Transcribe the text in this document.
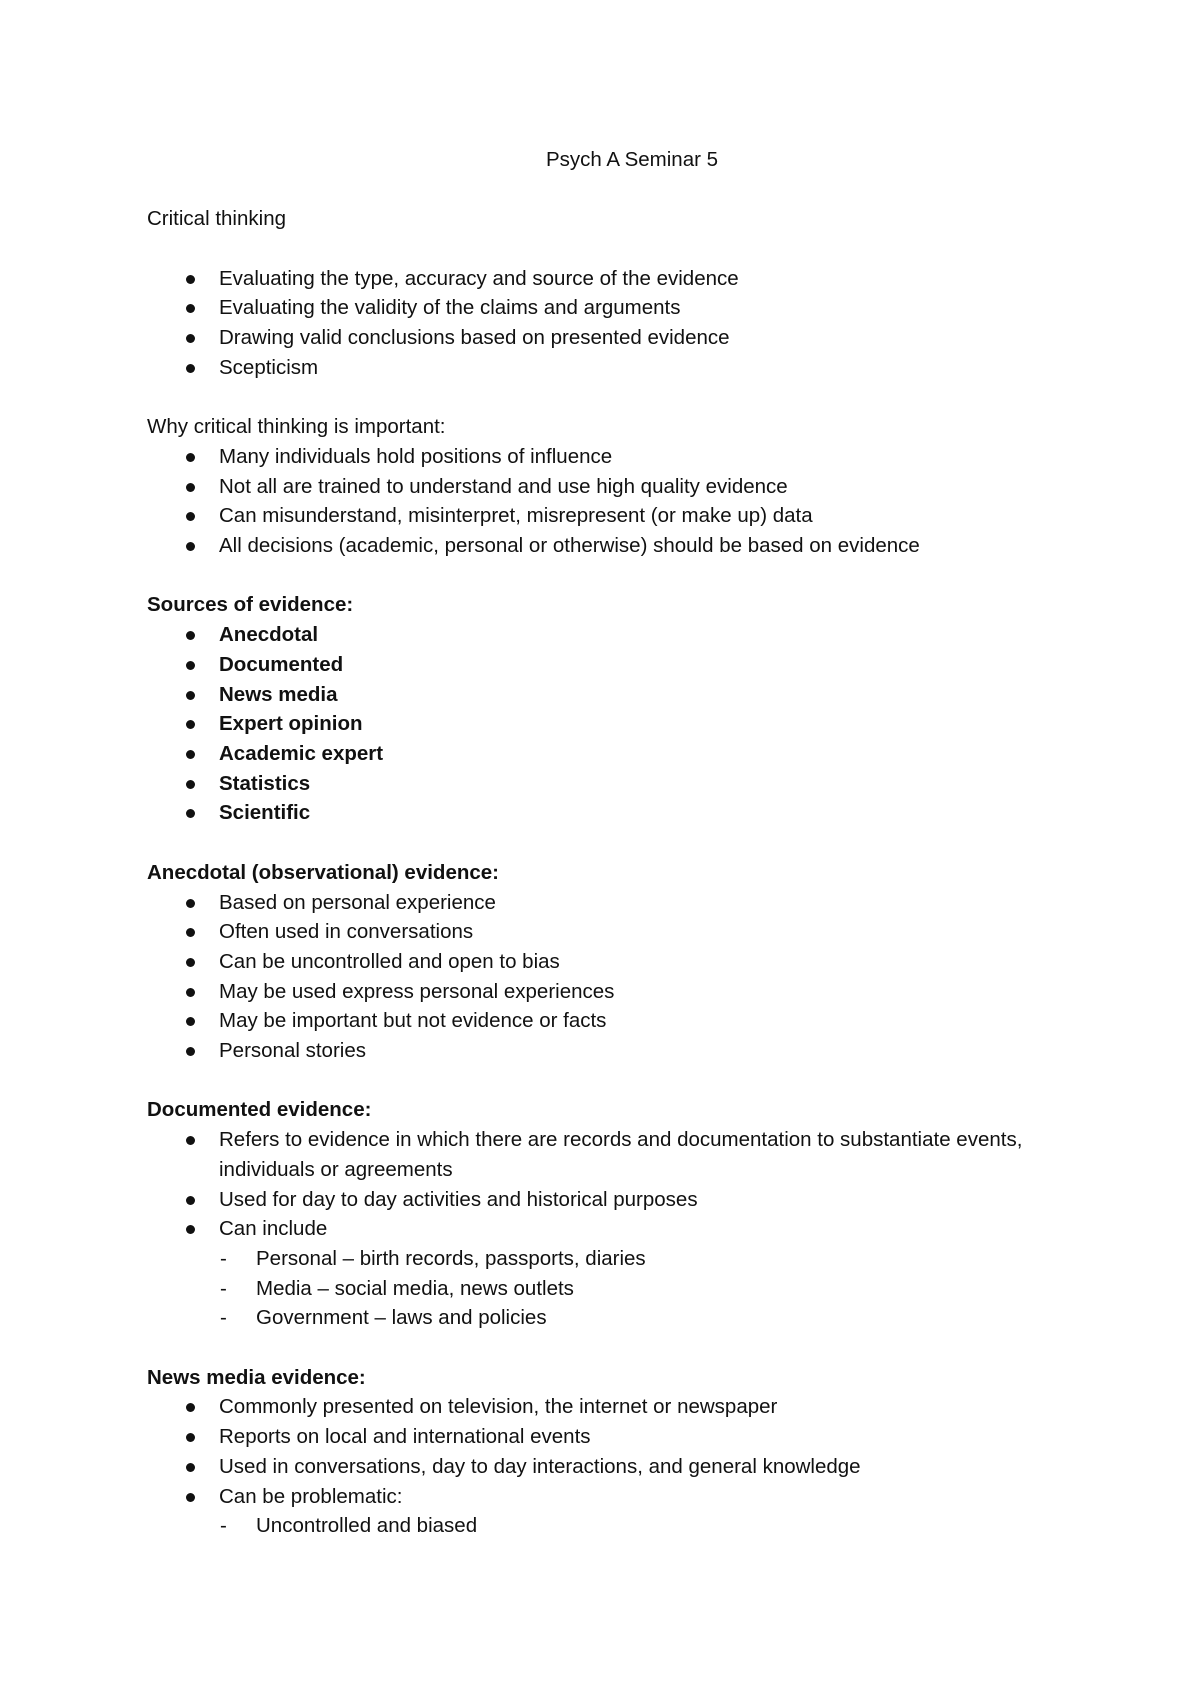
Psych A Seminar 5

Critical thinking

Evaluating the type, accuracy and source of the evidence
Evaluating the validity of the claims and arguments
Drawing valid conclusions based on presented evidence
Scepticism

Why critical thinking is important:

Many individuals hold positions of influence
Not all are trained to understand and use high quality evidence
Can misunderstand, misinterpret, misrepresent (or make up) data
All decisions (academic, personal or otherwise) should be based on evidence

Sources of evidence:

Anecdotal
Documented
News media
Expert opinion
Academic expert
Statistics
Scientific

Anecdotal (observational) evidence:

Based on personal experience
Often used in conversations
Can be uncontrolled and open to bias
May be used express personal experiences
May be important but not evidence or facts
Personal stories

Documented evidence:

Refers to evidence in which there are records and documentation to substantiate events, individuals or agreements
Used for day to day activities and historical purposes
Can include
- Personal – birth records, passports, diaries
- Media – social media, news outlets
- Government – laws and policies

News media evidence:

Commonly presented on television, the internet or newspaper
Reports on local and international events
Used in conversations, day to day interactions, and general knowledge
Can be problematic:
- Uncontrolled and biased
